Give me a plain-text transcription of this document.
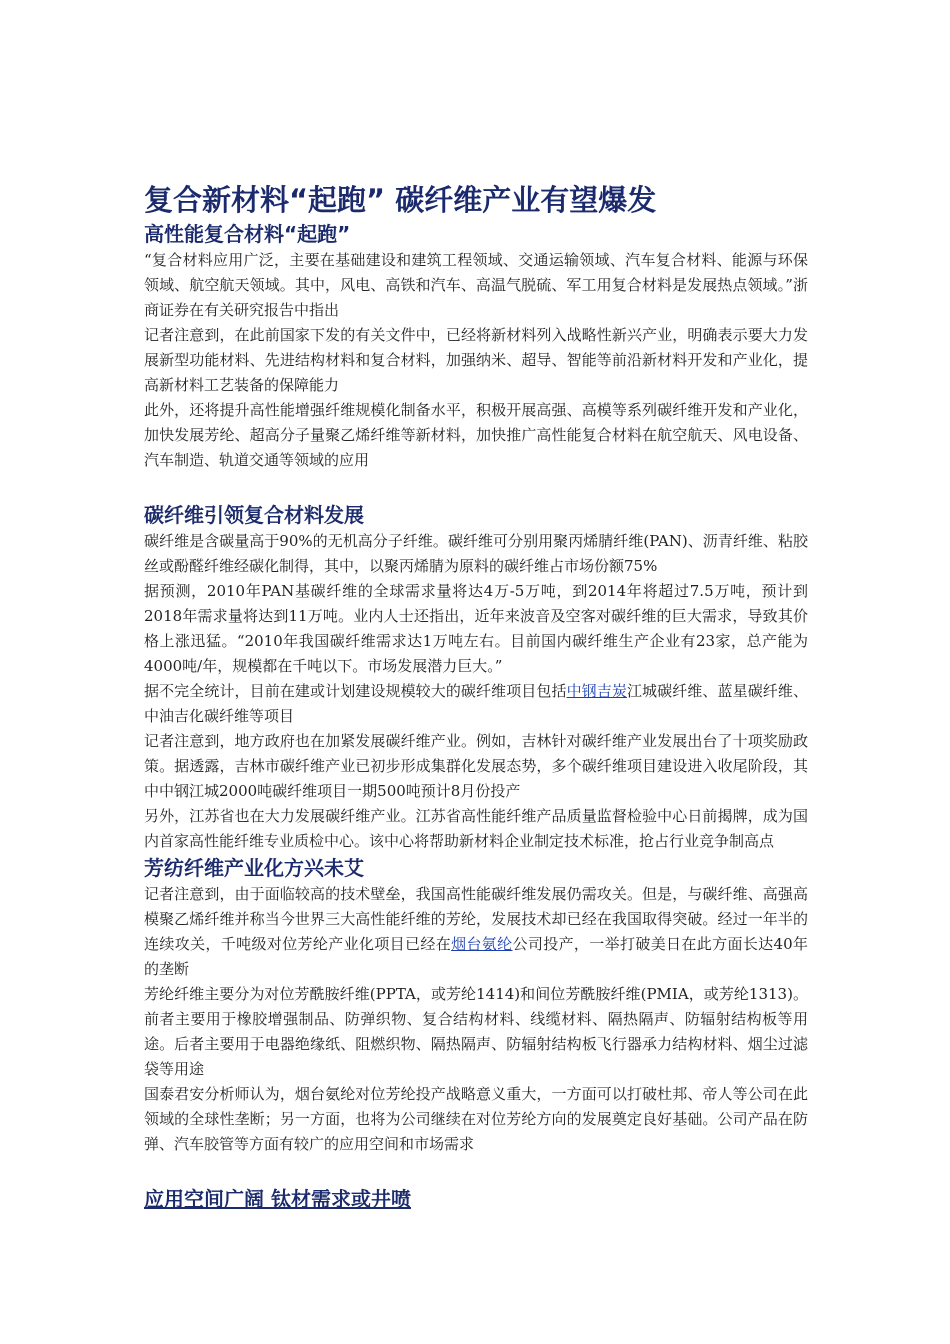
复合新材料“起跑” 碳纤维产业有望爆发
高性能复合材料“起跑”

“复合材料应用广泛，主要在基础建设和建筑工程领域、交通运输领域、汽车复合材料、能源与环保领域、航空航天领域。其中，风电、高铁和汽车、高温气脱硫、军工用复合材料是发展热点领域。”浙商证券在有关研究报告中指出

记者注意到，在此前国家下发的有关文件中，已经将新材料列入战略性新兴产业，明确表示要大力发展新型功能材料、先进结构材料和复合材料，加强纳米、超导、智能等前沿新材料开发和产业化，提高新材料工艺装备的保障能力

此外，还将提升高性能增强纤维规模化制备水平，积极开展高强、高模等系列碳纤维开发和产业化，加快发展芳纶、超高分子量聚乙烯纤维等新材料，加快推广高性能复合材料在航空航天、风电设备、汽车制造、轨道交通等领域的应用

碳纤维引领复合材料发展

碳纤维是含碳量高于90%的无机高分子纤维。碳纤维可分别用聚丙烯腈纤维(PAN)、沥青纤维、粘胶丝或酚醛纤维经碳化制得，其中，以聚丙烯腈为原料的碳纤维占市场份额75%

据预测，2010年PAN基碳纤维的全球需求量将达4万-5万吨，到2014年将超过7.5万吨，预计到2018年需求量将达到11万吨。业内人士还指出，近年来波音及空客对碳纤维的巨大需求，导致其价格上涨迅猛。“2010年我国碳纤维需求达1万吨左右。目前国内碳纤维生产企业有23家，总产能为4000吨/年，规模都在千吨以下。市场发展潜力巨大。”

据不完全统计，目前在建或计划建设规模较大的碳纤维项目包括中钢吉炭江城碳纤维、蓝星碳纤维、中油吉化碳纤维等项目

记者注意到，地方政府也在加紧发展碳纤维产业。例如，吉林针对碳纤维产业发展出台了十项奖励政策。据透露，吉林市碳纤维产业已初步形成集群化发展态势，多个碳纤维项目建设进入收尾阶段，其中中钢江城2000吨碳纤维项目一期500吨预计8月份投产

另外，江苏省也在大力发展碳纤维产业。江苏省高性能纤维产品质量监督检验中心日前揭牌，成为国内首家高性能纤维专业质检中心。该中心将帮助新材料企业制定技术标准，抢占行业竞争制高点

芳纺纤维产业化方兴未艾

记者注意到，由于面临较高的技术壁垒，我国高性能碳纤维发展仍需攻关。但是，与碳纤维、高强高模聚乙烯纤维并称当今世界三大高性能纤维的芳纶，发展技术却已经在我国取得突破。经过一年半的连续攻关，千吨级对位芳纶产业化项目已经在烟台氨纶公司投产，一举打破美日在此方面长达40年的垄断

芳纶纤维主要分为对位芳酰胺纤维(PPTA，或芳纶1414)和间位芳酰胺纤维(PMIA，或芳纶1313)。前者主要用于橡胶增强制品、防弹织物、复合结构材料、线缆材料、隔热隔声、防辐射结构板等用途。后者主要用于电器绝缘纸、阻燃织物、隔热隔声、防辐射结构板飞行器承力结构材料、烟尘过滤袋等用途

国泰君安分析师认为，烟台氨纶对位芳纶投产战略意义重大，一方面可以打破杜邦、帝人等公司在此领域的全球性垄断；另一方面，也将为公司继续在对位芳纶方向的发展奠定良好基础。公司产品在防弹、汽车胶管等方面有较广的应用空间和市场需求

应用空间广阔 钛材需求或井喷
